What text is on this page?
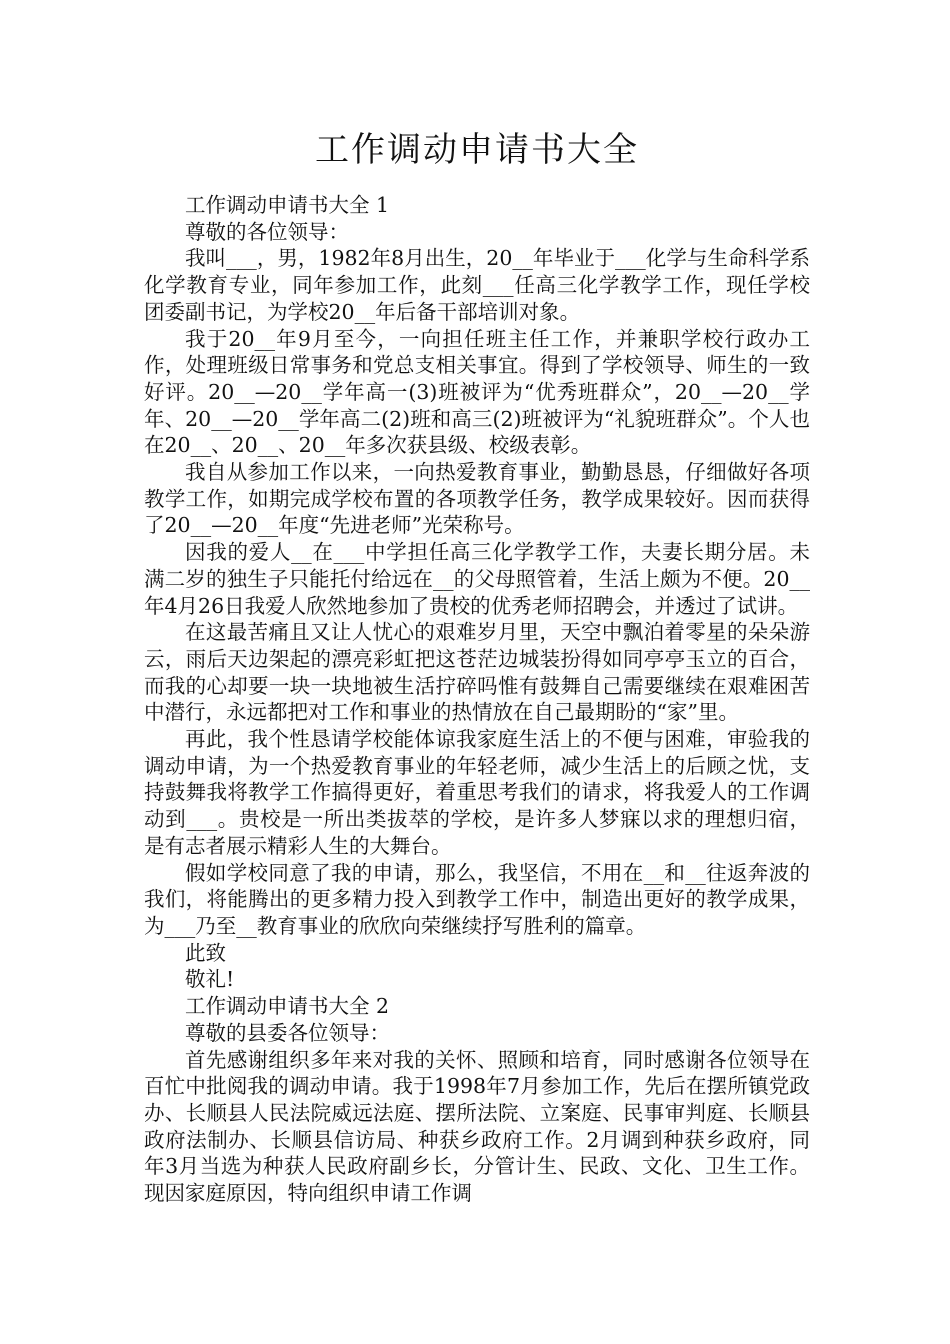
工作调动申请书大全

工作调动申请书大全 1

尊敬的各位领导：

我叫___，男，1982年8月出生，20__年毕业于___化学与生命科学系化学教育专业，同年参加工作，此刻___任高三化学教学工作，现任学校团委副书记，为学校20__年后备干部培训对象。

我于20__年9月至今，一向担任班主任工作，并兼职学校行政办工作，处理班级日常事务和党总支相关事宜。得到了学校领导、师生的一致好评。20__—20__学年高一(3)班被评为“优秀班群众”，20__—20__学年、20__—20__学年高二(2)班和高三(2)班被评为“礼貌班群众”。个人也在20__、20__、20__年多次获县级、校级表彰。

我自从参加工作以来，一向热爱教育事业，勤勤恳恳，仔细做好各项教学工作，如期完成学校布置的各项教学任务，教学成果较好。因而获得了20__—20__年度“先进老师”光荣称号。

因我的爱人__在___中学担任高三化学教学工作，夫妻长期分居。未满二岁的独生子只能托付给远在__的父母照管着，生活上颇为不便。20__年4月26日我爱人欣然地参加了贵校的优秀老师招聘会，并透过了试讲。

在这最苦痛且又让人忧心的艰难岁月里，天空中飘泊着零星的朵朵游云，雨后天边架起的漂亮彩虹把这苍茫边城装扮得如同亭亭玉立的百合，而我的心却要一块一块地被生活拧碎吗惟有鼓舞自己需要继续在艰难困苦中潜行，永远都把对工作和事业的热情放在自己最期盼的“家”里。

再此，我个性恳请学校能体谅我家庭生活上的不便与困难，审验我的调动申请，为一个热爱教育事业的年轻老师，减少生活上的后顾之忧，支持鼓舞我将教学工作搞得更好，着重思考我们的请求，将我爱人的工作调动到___。贵校是一所出类拔萃的学校，是许多人梦寐以求的理想归宿，是有志者展示精彩人生的大舞台。

假如学校同意了我的申请，那么，我坚信，不用在__和__往返奔波的我们，将能腾出的更多精力投入到教学工作中，制造出更好的教学成果，为___乃至__教育事业的欣欣向荣继续抒写胜利的篇章。

此致

敬礼!

工作调动申请书大全 2

尊敬的县委各位领导：

首先感谢组织多年来对我的关怀、照顾和培育，同时感谢各位领导在百忙中批阅我的调动申请。我于1998年7月参加工作，先后在摆所镇党政办、长顺县人民法院威远法庭、摆所法院、立案庭、民事审判庭、长顺县政府法制办、长顺县信访局、种获乡政府工作。2月调到种获乡政府，同年3月当选为种获人民政府副乡长，分管计生、民政、文化、卫生工作。现因家庭原因，特向组织申请工作调
